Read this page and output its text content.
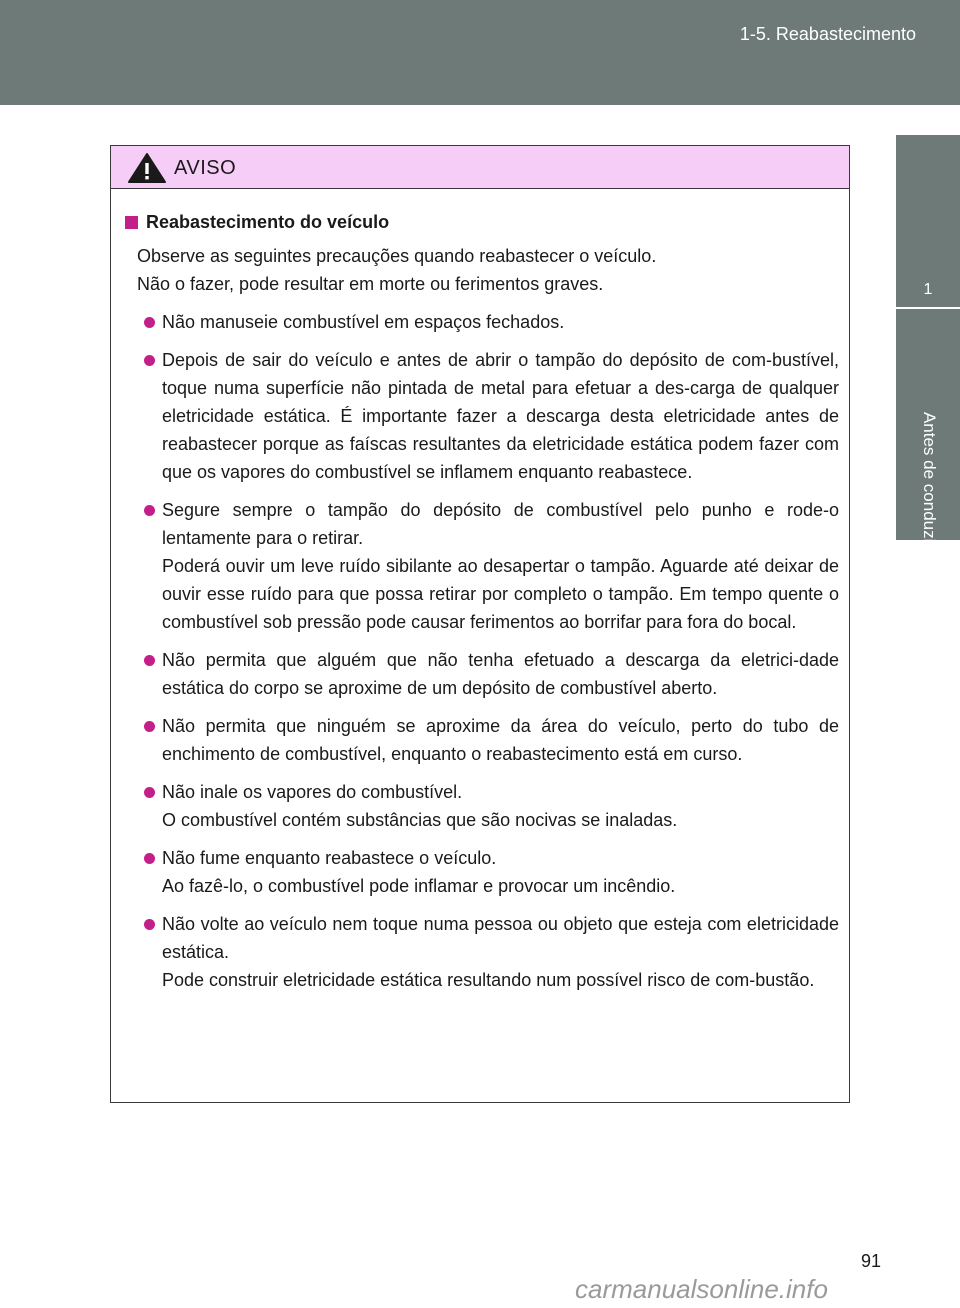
1-5. Reabastecimento
1
Antes de conduzir
AVISO
Reabastecimento do veículo
Observe as seguintes precauções quando reabastecer o veículo.
Não o fazer, pode resultar em morte ou ferimentos graves.

Não manuseie combustível em espaços fechados.

Depois de sair do veículo e antes de abrir o tampão do depósito de com-bustível, toque numa superfície não pintada de metal para efetuar a des-carga de qualquer eletricidade estática. É importante fazer a descarga desta eletricidade antes de reabastecer porque as faíscas resultantes da eletricidade estática podem fazer com que os vapores do combustível se inflamem enquanto reabastece.

Segure sempre o tampão do depósito de combustível pelo punho e rode-o lentamente para o retirar.

Poderá ouvir um leve ruído sibilante ao desapertar o tampão. Aguarde até deixar de ouvir esse ruído para que possa retirar por completo o tampão. Em tempo quente o combustível sob pressão pode causar ferimentos ao borrifar para fora do bocal.

Não permita que alguém que não tenha efetuado a descarga da eletrici-dade estática do corpo se aproxime de um depósito de combustível aberto.

Não permita que ninguém se aproxime da área do veículo, perto do tubo de enchimento de combustível, enquanto o reabastecimento está em curso.

Não inale os vapores do combustível.

O combustível contém substâncias que são nocivas se inaladas.

Não fume enquanto reabastece o veículo.

Ao fazê-lo, o combustível pode inflamar e provocar um incêndio.

Não volte ao veículo nem toque numa pessoa ou objeto que esteja com eletricidade estática.

Pode construir eletricidade estática resultando num possível risco de com-bustão.

91
carmanualsonline.info
